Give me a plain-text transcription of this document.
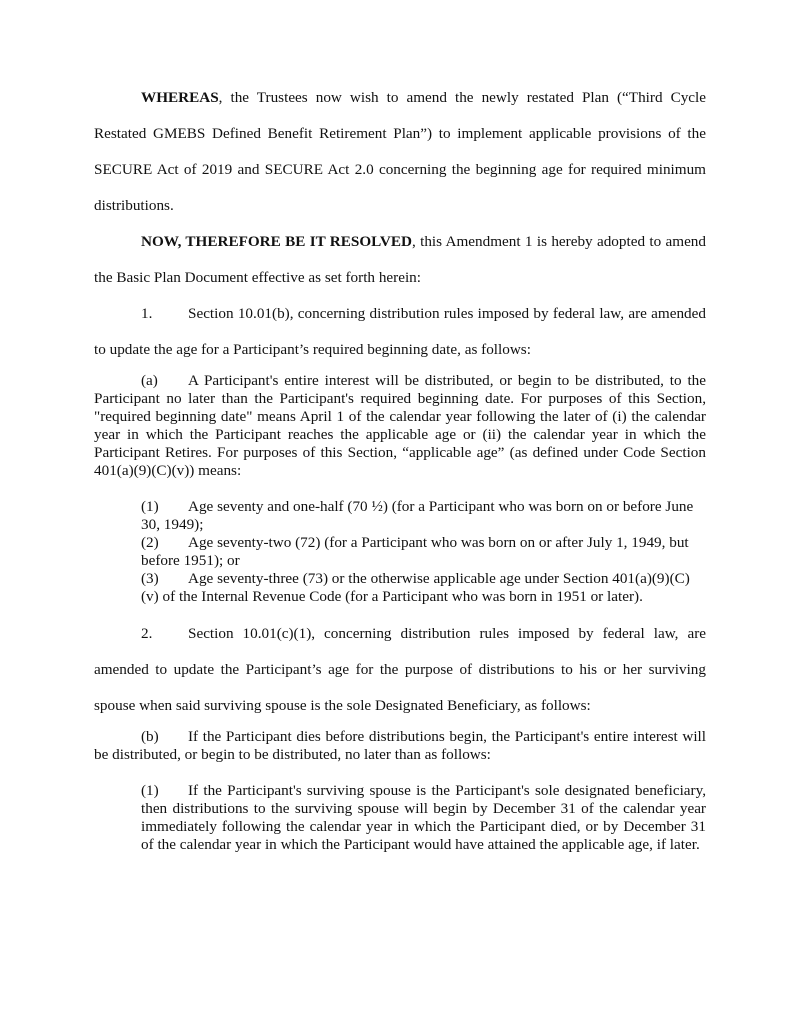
WHEREAS, the Trustees now wish to amend the newly restated Plan (“Third Cycle Restated GMEBS Defined Benefit Retirement Plan”) to implement applicable provisions of the SECURE Act of 2019 and SECURE Act 2.0 concerning the beginning age for required minimum distributions.

NOW, THEREFORE BE IT RESOLVED, this Amendment 1 is hereby adopted to amend the Basic Plan Document effective as set forth herein:

1. Section 10.01(b), concerning distribution rules imposed by federal law, are amended to update the age for a Participant’s required beginning date, as follows:

(a) A Participant's entire interest will be distributed, or begin to be distributed, to the Participant no later than the Participant's required beginning date. For purposes of this Section, "required beginning date" means April 1 of the calendar year following the later of (i) the calendar year in which the Participant reaches the applicable age or (ii) the calendar year in which the Participant Retires. For purposes of this Section, “applicable age” (as defined under Code Section 401(a)(9)(C)(v)) means:

(1) Age seventy and one-half (70 ½) (for a Participant who was born on or before June 30, 1949);

(2) Age seventy-two (72) (for a Participant who was born on or after July 1, 1949, but before 1951); or

(3) Age seventy-three (73) or the otherwise applicable age under Section 401(a)(9)(C)(v) of the Internal Revenue Code (for a Participant who was born in 1951 or later).

2. Section 10.01(c)(1), concerning distribution rules imposed by federal law, are amended to update the Participant’s age for the purpose of distributions to his or her surviving spouse when said surviving spouse is the sole Designated Beneficiary, as follows:

(b) If the Participant dies before distributions begin, the Participant's entire interest will be distributed, or begin to be distributed, no later than as follows:

(1) If the Participant's surviving spouse is the Participant's sole designated beneficiary, then distributions to the surviving spouse will begin by December 31 of the calendar year immediately following the calendar year in which the Participant died, or by December 31 of the calendar year in which the Participant would have attained the applicable age, if later.
